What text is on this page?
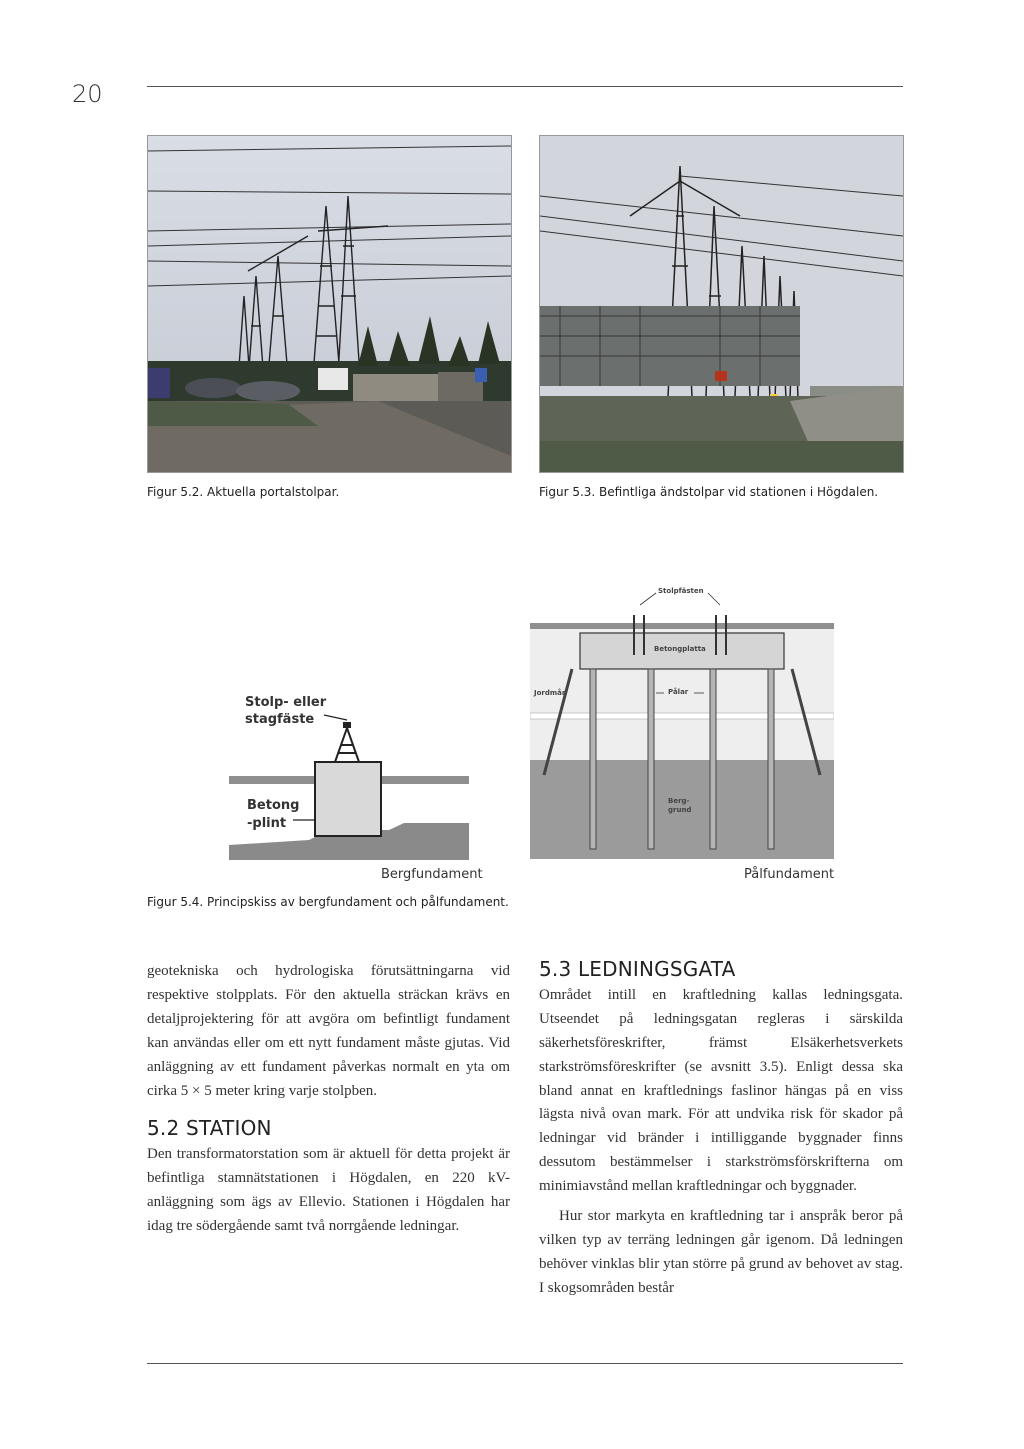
20
Figur 5.2. Aktuella portalstolpar.	Figur 5.3. Befintliga ändstolpar vid stationen i Högdalen.
Stolp- eller
stagfäste
Betong
-plint
Bergfundament
Stolpfästen
Betongplatta
Jordmån	Pålar
Berg-
grund
Pålfundament
Figur 5.4. Principskiss av bergfundament och pålfundament.

geotekniska och hydrologiska förutsättningarna vid respektive stolpplats. För den aktuella sträckan krävs en detaljprojektering för att avgöra om befintligt fundament kan användas eller om ett nytt fundament måste gjutas. Vid anläggning av ett fundament påverkas normalt en yta om cirka 5 × 5 meter kring varje stolpben.

5.2 STATION

Den transformatorstation som är aktuell för detta projekt är befintliga stamnätstationen i Högdalen, en 220 kV-anläggning som ägs av Ellevio. Stationen i Högdalen har idag tre södergående samt två norrgående ledningar.

5.3 LEDNINGSGATA

Området intill en kraftledning kallas ledningsgata. Utseendet på ledningsgatan regleras i särskilda säkerhetsföreskrifter, främst Elsäkerhetsverkets starkströmsföreskrifter (se avsnitt 3.5). Enligt dessa ska bland annat en kraftlednings faslinor hängas på en viss lägsta nivå ovan mark. För att undvika risk för skador på ledningar vid bränder i intilliggande byggnader finns dessutom bestämmelser i starkströmsförskrifterna om minimiavstånd mellan kraftledningar och byggnader.

Hur stor markyta en kraftledning tar i anspråk beror på vilken typ av terräng ledningen går igenom. Då ledningen behöver vinklas blir ytan större på grund av behovet av stag. I skogsområden består
